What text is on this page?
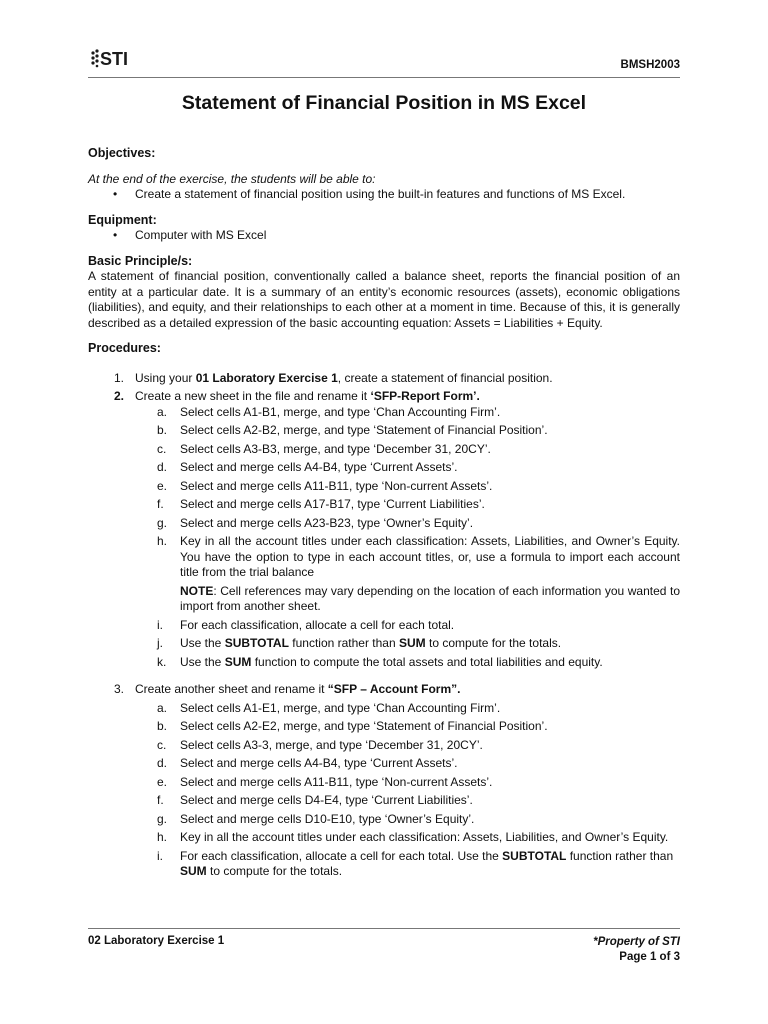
STI	BMSH2003
Statement of Financial Position in MS Excel
Objectives:
At the end of the exercise, the students will be able to:
• Create a statement of financial position using the built-in features and functions of MS Excel.
Equipment:
• Computer with MS Excel
Basic Principle/s:
A statement of financial position, conventionally called a balance sheet, reports the financial position of an entity at a particular date. It is a summary of an entity’s economic resources (assets), economic obligations (liabilities), and equity, and their relationships to each other at a moment in time. Because of this, it is generally described as a detailed expression of the basic accounting equation: Assets = Liabilities + Equity.
Procedures:
1. Using your 01 Laboratory Exercise 1, create a statement of financial position.
2. Create a new sheet in the file and rename it ‘SFP-Report Form’.
a. Select cells A1-B1, merge, and type ‘Chan Accounting Firm’.
b. Select cells A2-B2, merge, and type ‘Statement of Financial Position’.
c. Select cells A3-B3, merge, and type ‘December 31, 20CY’.
d. Select and merge cells A4-B4, type ‘Current Assets’.
e. Select and merge cells A11-B11, type ‘Non-current Assets’.
f. Select and merge cells A17-B17, type ‘Current Liabilities’.
g. Select and merge cells A23-B23, type ‘Owner’s Equity’.
h. Key in all the account titles under each classification: Assets, Liabilities, and Owner’s Equity. You have the option to type in each account titles, or, use a formula to import each account title from the trial balance
NOTE: Cell references may vary depending on the location of each information you wanted to import from another sheet.
i. For each classification, allocate a cell for each total.
j. Use the SUBTOTAL function rather than SUM to compute for the totals.
k. Use the SUM function to compute the total assets and total liabilities and equity.
3. Create another sheet and rename it “SFP – Account Form”.
a. Select cells A1-E1, merge, and type ‘Chan Accounting Firm’.
b. Select cells A2-E2, merge, and type ‘Statement of Financial Position’.
c. Select cells A3-3, merge, and type ‘December 31, 20CY’.
d. Select and merge cells A4-B4, type ‘Current Assets’.
e. Select and merge cells A11-B11, type ‘Non-current Assets’.
f. Select and merge cells D4-E4, type ‘Current Liabilities’.
g. Select and merge cells D10-E10, type ‘Owner’s Equity’.
h. Key in all the account titles under each classification: Assets, Liabilities, and Owner’s Equity.
i. For each classification, allocate a cell for each total. Use the SUBTOTAL function rather than SUM to compute for the totals.
02 Laboratory Exercise 1	*Property of STI
Page 1 of 3
